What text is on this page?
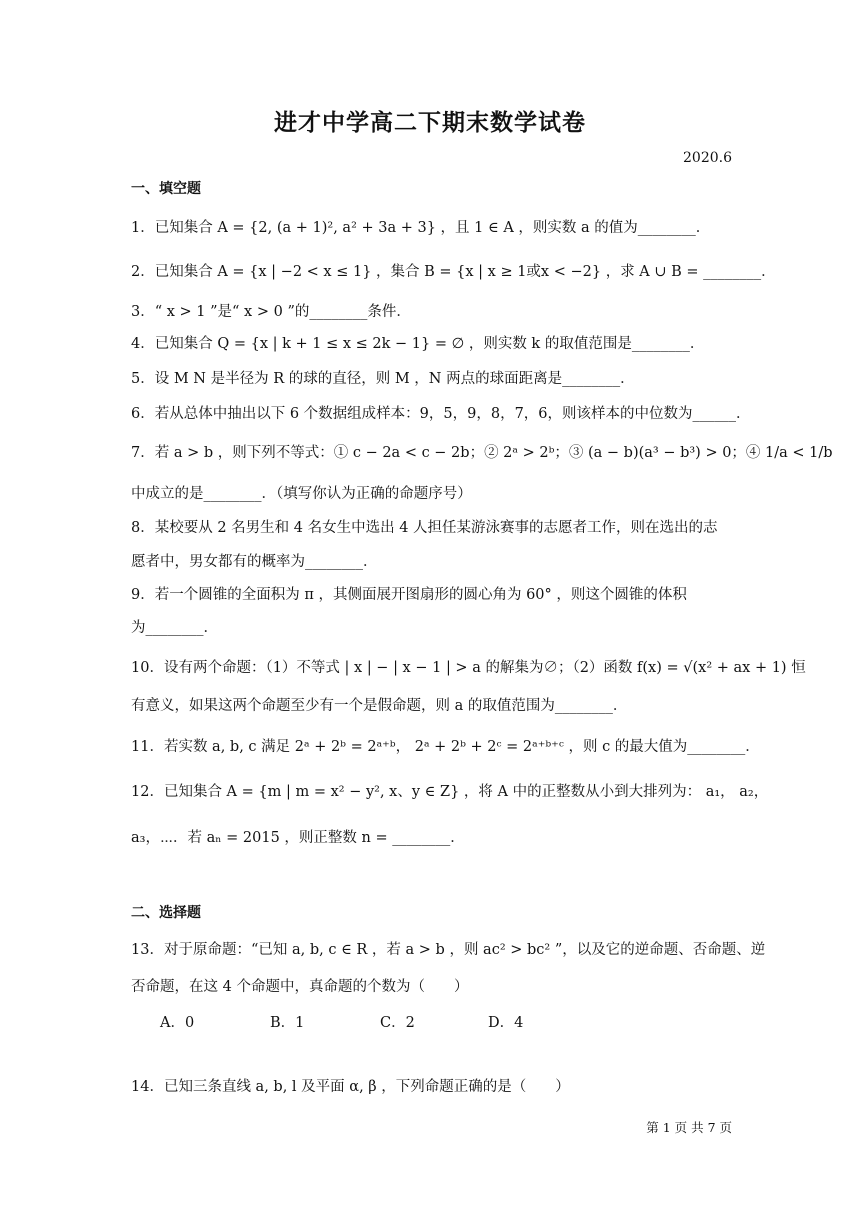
进才中学高二下期末数学试卷
2020.6
一、填空题
1．已知集合 A = {2, (a + 1)², a² + 3a + 3} ，且 1 ∈ A ，则实数 a 的值为________．
2．已知集合 A = {x | −2 < x ≤ 1} ，集合 B = {x | x ≥ 1或x < −2} ，求 A ∪ B = ________．
3．“ x > 1 ”是“ x > 0 ”的________条件．
4．已知集合 Q = {x | k + 1 ≤ x ≤ 2k − 1} = ∅ ，则实数 k 的取值范围是________．
5．设 M N 是半径为 R 的球的直径，则 M ，N 两点的球面距离是________．
6．若从总体中抽出以下 6 个数据组成样本：9，5，9，8，7，6，则该样本的中位数为______．
7．若 a > b ，则下列不等式：① c − 2a < c − 2b；② 2ᵃ > 2ᵇ；③ (a − b)(a³ − b³) > 0；④ 1/a < 1/b
中成立的是________．（填写你认为正确的命题序号）
8．某校要从 2 名男生和 4 名女生中选出 4 人担任某游泳赛事的志愿者工作，则在选出的志
愿者中，男女都有的概率为________．
9．若一个圆锥的全面积为 π ，其侧面展开图扇形的圆心角为 60° ，则这个圆锥的体积
为________．
10．设有两个命题：（1）不等式 | x | − | x − 1 | > a 的解集为∅；（2）函数 f(x) = √(x² + ax + 1) 恒
有意义，如果这两个命题至少有一个是假命题，则 a 的取值范围为________．
11．若实数 a, b, c 满足 2ᵃ + 2ᵇ = 2ᵃ⁺ᵇ， 2ᵃ + 2ᵇ + 2ᶜ = 2ᵃ⁺ᵇ⁺ᶜ ，则 c 的最大值为________．
12．已知集合 A = {m | m = x² − y², x、y ∈ Z} ，将 A 中的正整数从小到大排列为： a₁， a₂，
a₃，⋯．若 aₙ = 2015 ，则正整数 n = ________．
二、选择题
13．对于原命题：“已知 a, b, c ∈ R ，若 a > b ，则 ac² > bc² ”，以及它的逆命题、否命题、逆
否命题，在这 4 个命题中，真命题的个数为（　　）
A．0	B．1	C．2	D．4
14．已知三条直线 a, b, l 及平面 α, β ，下列命题正确的是（　　）
第 1 页 共 7 页
